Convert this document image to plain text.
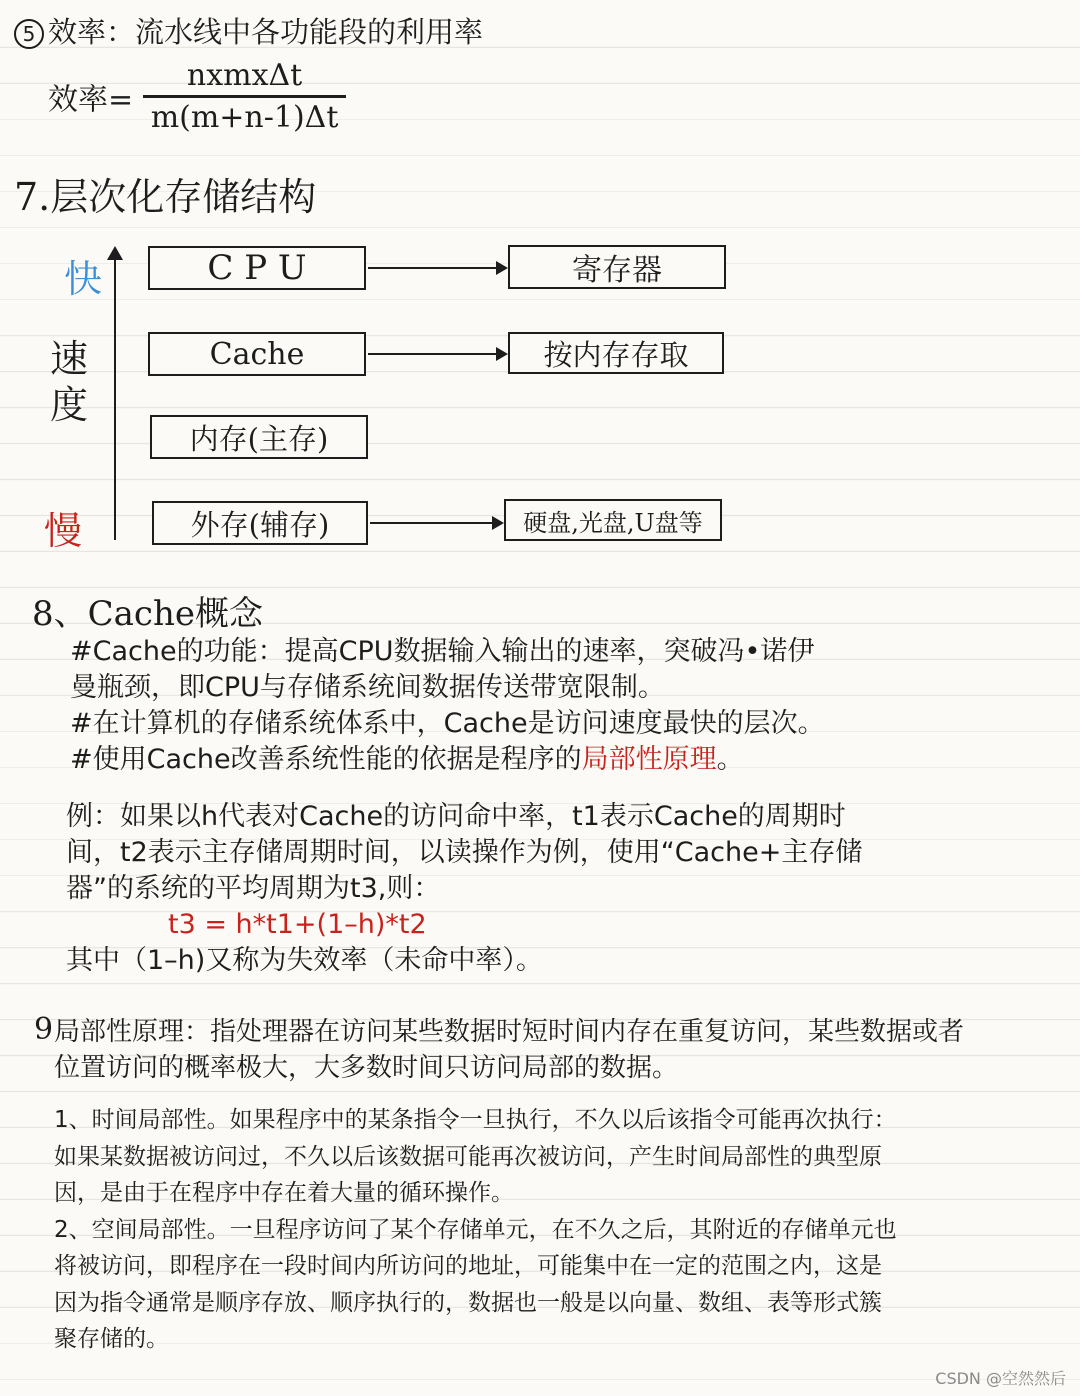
5 效率：流水线中各功能段的利用率
效率= $\frac{\text{nxmxΔt}}{m(m+n-1)\Delta t}$
7.层次化存储结构
快
速度
慢
C P U	寄存器
Cache	按内存存取
内存(主存)
外存(辅存)	硬盘,光盘,U盘等
8、Cache概念
#Cache的功能：提高CPU数据输入输出的速率，突破冯•诺伊
曼瓶颈，即CPU与存储系统间数据传送带宽限制。
#在计算机的存储系统体系中，Cache是访问速度最快的层次。
#使用Cache改善系统性能的依据是程序的局部性原理。
例：如果以h代表对Cache的访问命中率，t1表示Cache的周期时
间，t2表示主存储周期时间，以读操作为例，使用“Cache+主存储
器”的系统的平均周期为t3,则：
t3 = h*t1+(1–h)*t2
其中（1–h)又称为失效率（未命中率）。
9 局部性原理：指处理器在访问某些数据时短时间内存在重复访问，某些数据或者
位置访问的概率极大，大多数时间只访问局部的数据。
1、时间局部性。如果程序中的某条指令一旦执行，不久以后该指令可能再次执行：
如果某数据被访问过，不久以后该数据可能再次被访问，产生时间局部性的典型原
因，是由于在程序中存在着大量的循环操作。
2、空间局部性。一旦程序访问了某个存储单元，在不久之后，其附近的存储单元也
将被访问，即程序在一段时间内所访问的地址，可能集中在一定的范围之内，这是
因为指令通常是顺序存放、顺序执行的，数据也一般是以向量、数组、表等形式簇
聚存储的。
CSDN @空然然后
